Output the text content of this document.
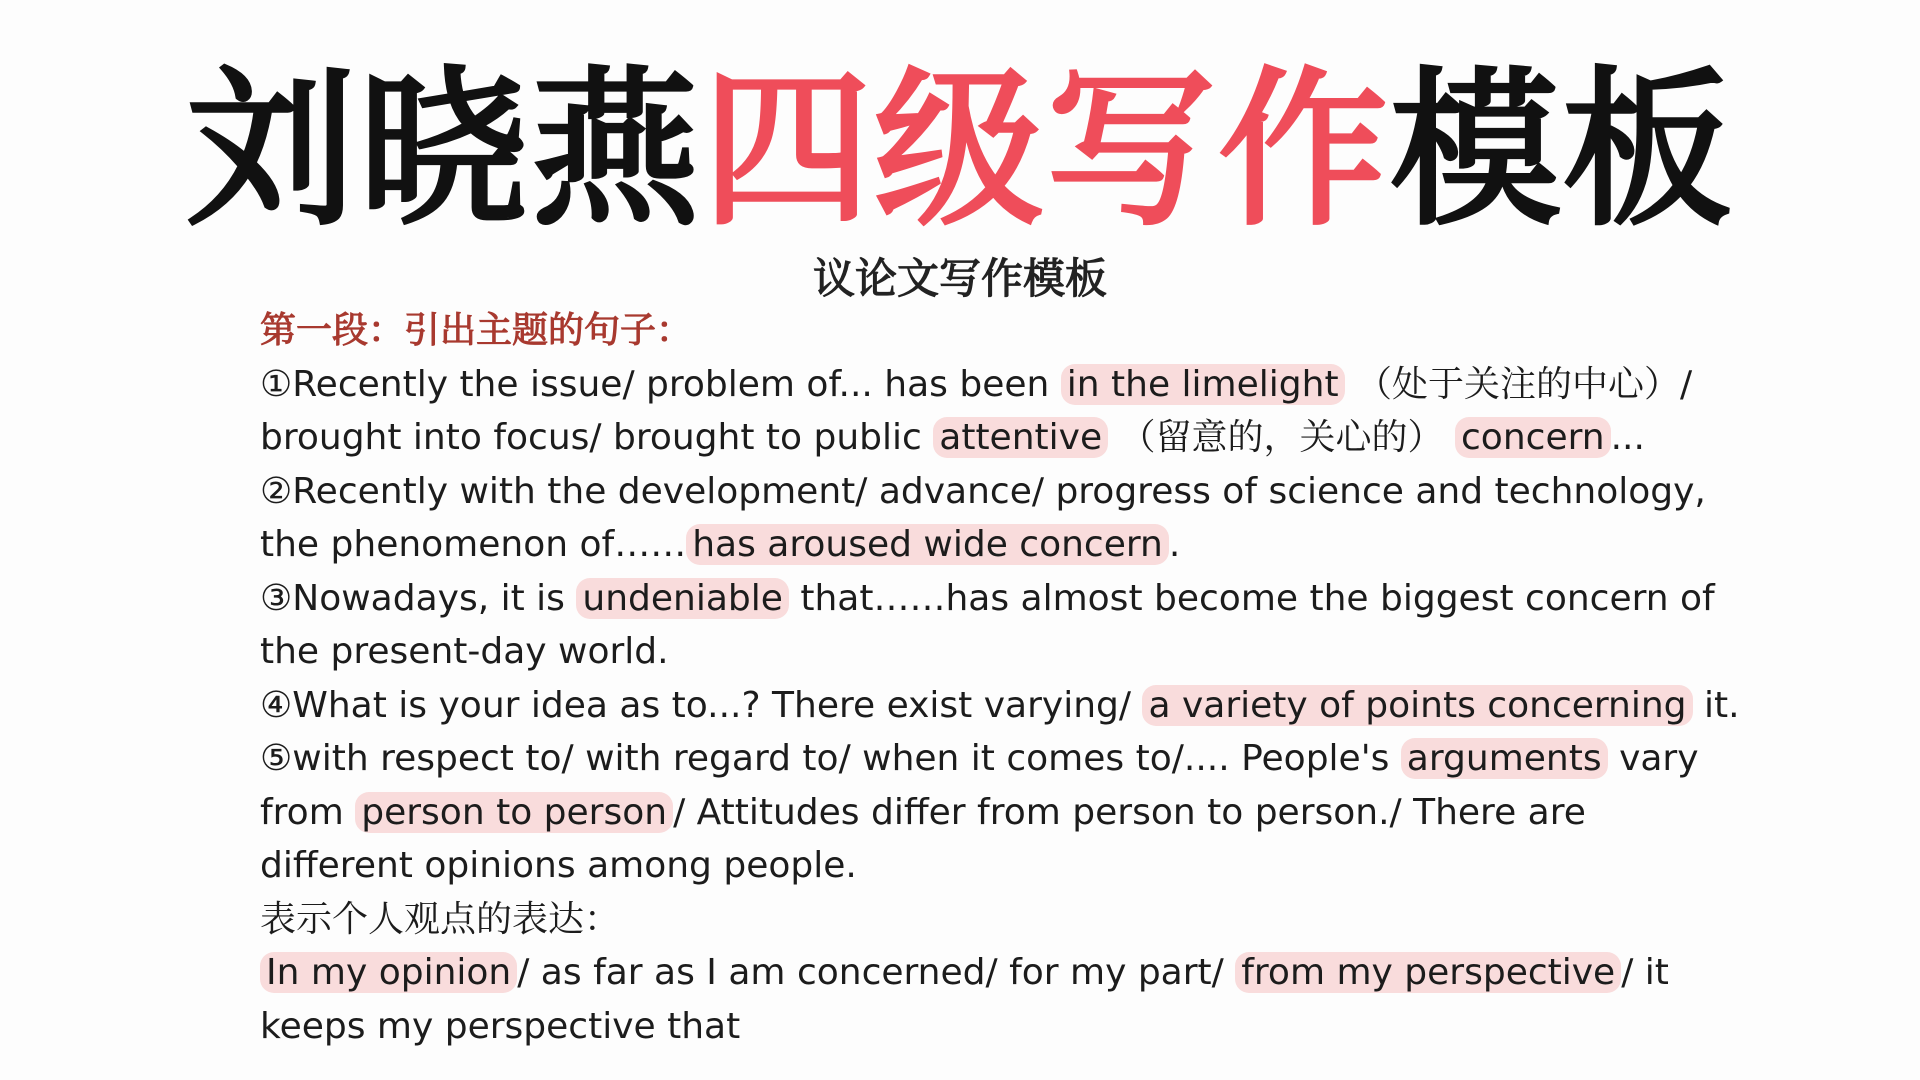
刘晓燕四级写作模板
议论文写作模板
第一段：引出主题的句子：
①Recently the issue/ problem of... has been in the limelight （处于关注的中心）/
brought into focus/ brought to public attentive （留意的，关心的） concern ...
②Recently with the development/ advance/ progress of science and technology,
the phenomenon of…… has aroused wide concern .
③Nowadays, it is undeniable that……has almost become the biggest concern of
the present-day world.
④What is your idea as to...? There exist varying/ a variety of points concerning it.
⑤with respect to/ with regard to/ when it comes to/.... People's arguments vary
from person to person / Attitudes differ from person to person./ There are
different opinions among people.
表示个人观点的表达：
In my opinion / as far as I am concerned/ for my part/ from my perspective / it
keeps my perspective that
